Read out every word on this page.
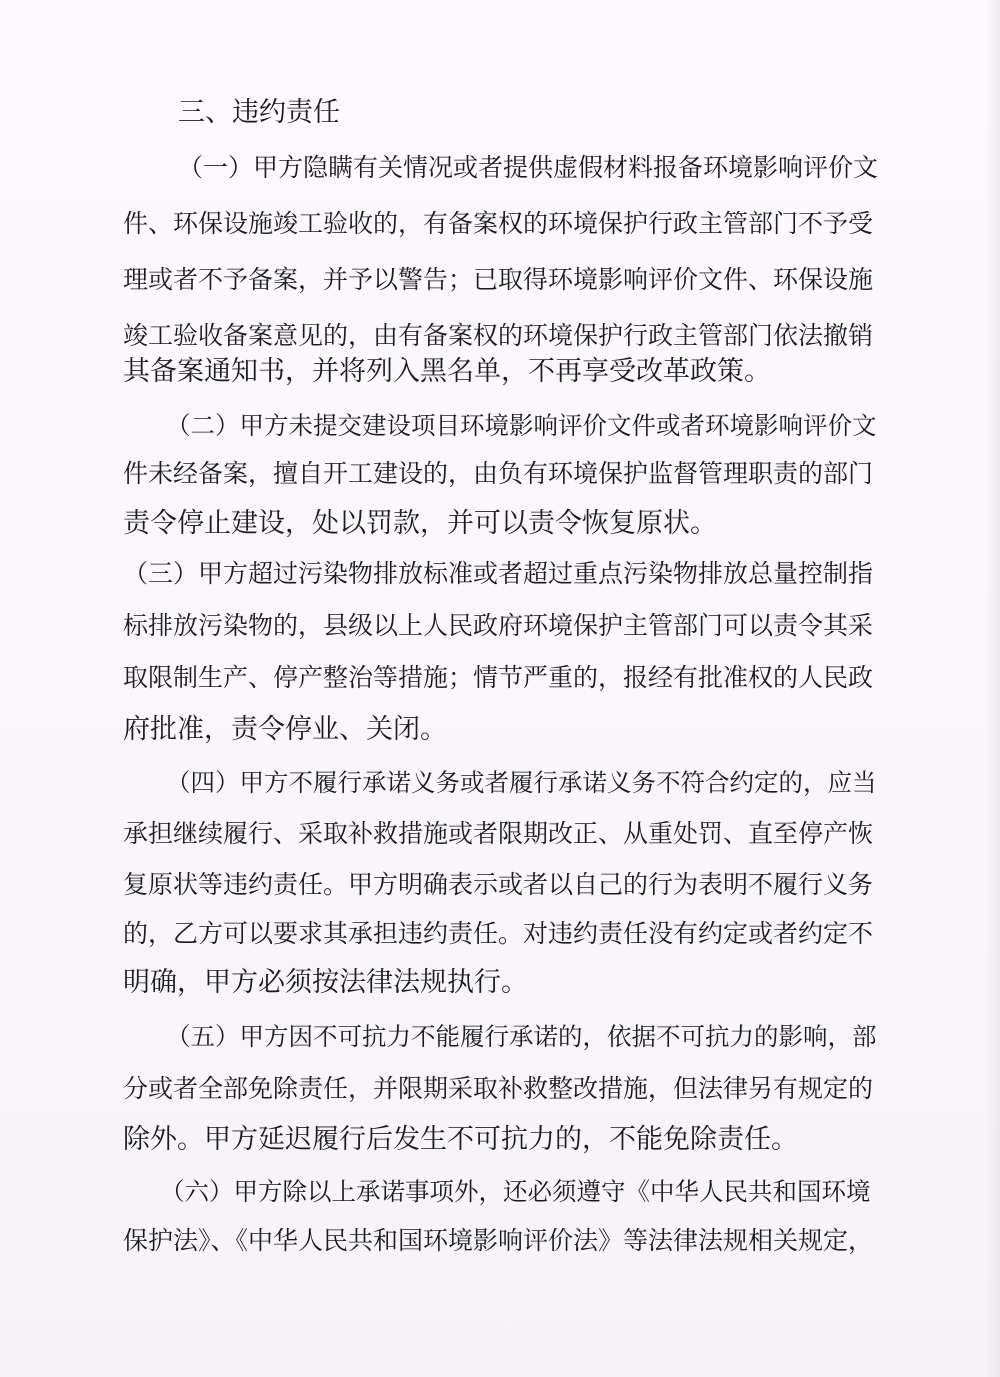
三、违约责任

（一）甲方隐瞒有关情况或者提供虚假材料报备环境影响评价文

件、环保设施竣工验收的，有备案权的环境保护行政主管部门不予受

理或者不予备案，并予以警告；已取得环境影响评价文件、环保设施

竣工验收备案意见的，由有备案权的环境保护行政主管部门依法撤销

其备案通知书，并将列入黑名单，不再享受改革政策。

（二）甲方未提交建设项目环境影响评价文件或者环境影响评价文

件未经备案，擅自开工建设的，由负有环境保护监督管理职责的部门

责令停止建设，处以罚款，并可以责令恢复原状。

（三）甲方超过污染物排放标准或者超过重点污染物排放总量控制指

标排放污染物的，县级以上人民政府环境保护主管部门可以责令其采

取限制生产、停产整治等措施；情节严重的，报经有批准权的人民政

府批准，责令停业、关闭。

（四）甲方不履行承诺义务或者履行承诺义务不符合约定的，应当

承担继续履行、采取补救措施或者限期改正、从重处罚、直至停产恢

复原状等违约责任。甲方明确表示或者以自己的行为表明不履行义务

的，乙方可以要求其承担违约责任。对违约责任没有约定或者约定不

明确，甲方必须按法律法规执行。

（五）甲方因不可抗力不能履行承诺的，依据不可抗力的影响，部

分或者全部免除责任，并限期采取补救整改措施，但法律另有规定的

除外。甲方延迟履行后发生不可抗力的，不能免除责任。

（六）甲方除以上承诺事项外，还必须遵守《中华人民共和国环境

保护法》、《中华人民共和国环境影响评价法》等法律法规相关规定，
